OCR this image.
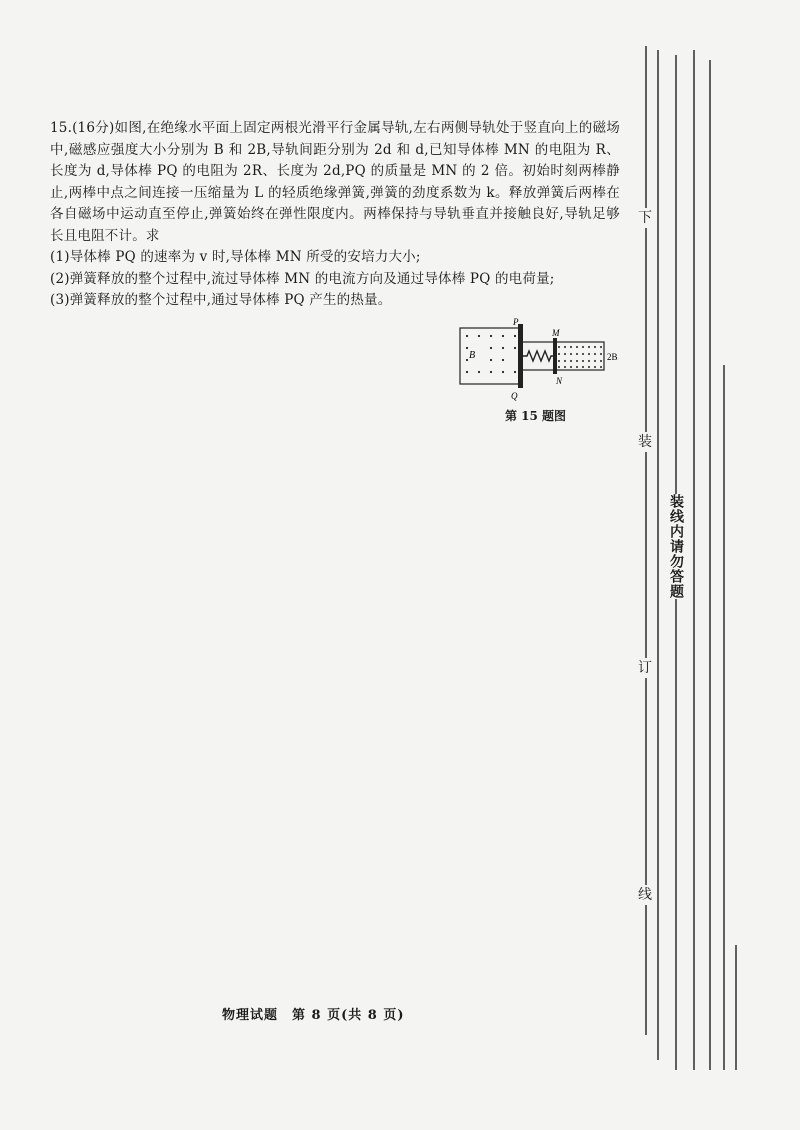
15.(16分)如图,在绝缘水平面上固定两根光滑平行金属导轨,左右两侧导轨处于竖直向上的磁场中,磁感应强度大小分别为 B 和 2B,导轨间距分别为 2d 和 d,已知导体棒 MN 的电阻为 R、长度为 d,导体棒 PQ 的电阻为 2R、长度为 2d,PQ 的质量是 MN 的 2 倍。初始时刻两棒静止,两棒中点之间连接一压缩量为 L 的轻质绝缘弹簧,弹簧的劲度系数为 k。释放弹簧后两棒在各自磁场中运动直至停止,弹簧始终在弹性限度内。两棒保持与导轨垂直并接触良好,导轨足够长且电阻不计。求

(1)导体棒 PQ 的速率为 v 时,导体棒 MN 所受的安培力大小;

(2)弹簧释放的整个过程中,流过导体棒 MN 的电流方向及通过导体棒 PQ 的电荷量;

(3)弹簧释放的整个过程中,通过导体棒 PQ 产生的热量。

P
Q
M
N
B	2B
第 15 题图
物理试题　第 8 页(共 8 页)
下
装
订
线
装线内请勿答题
